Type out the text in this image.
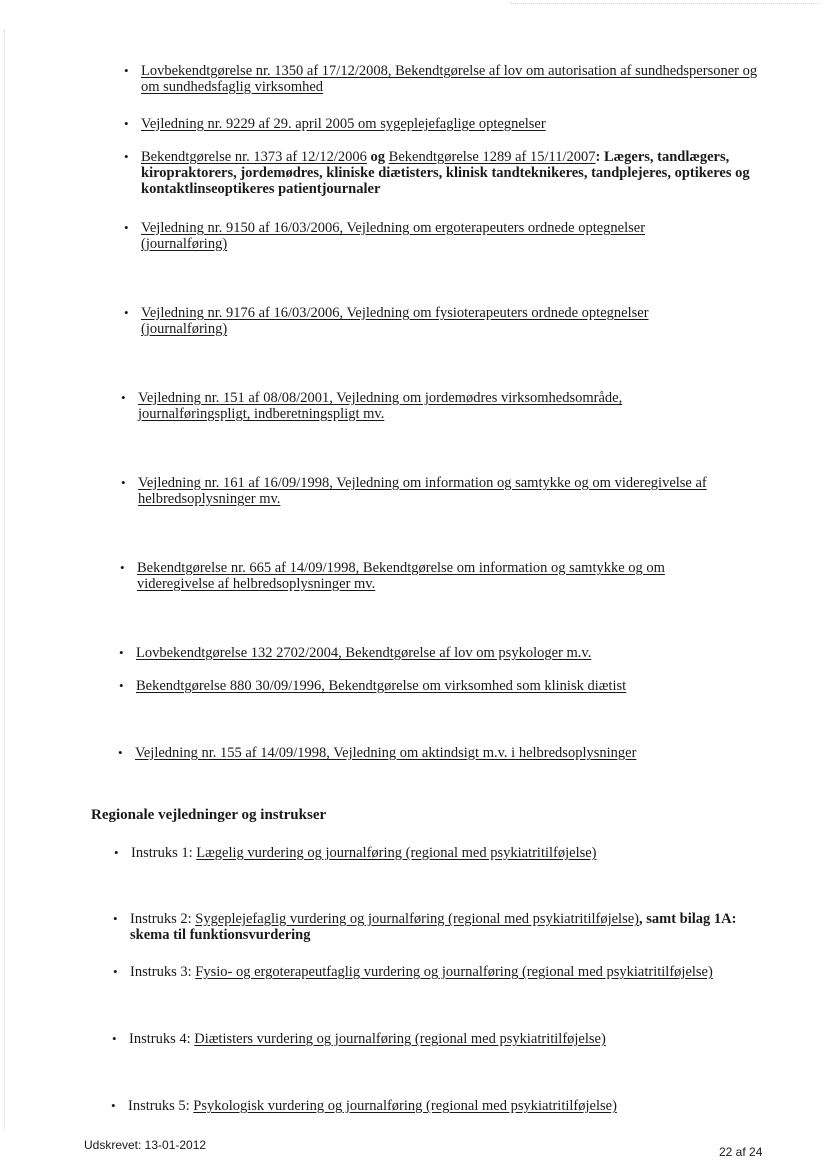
• Lovbekendtgørelse nr. 1350 af 17/12/2008, Bekendtgørelse af lov om autorisation af sundhedspersoner og om sundhedsfaglig virksomhed
• Vejledning nr. 9229 af 29. april 2005 om sygeplejefaglige optegnelser
• Bekendtgørelse nr. 1373 af 12/12/2006 og Bekendtgørelse 1289 af 15/11/2007: Lægers, tandlægers, kiropraktorers, jordemødres, kliniske diætisters, klinisk tandteknikeres, tandplejeres, optikeres og kontaktlinseoptikeres patientjournaler
• Vejledning nr. 9150 af 16/03/2006, Vejledning om ergoterapeuters ordnede optegnelser (journalføring)
• Vejledning nr. 9176 af 16/03/2006, Vejledning om fysioterapeuters ordnede optegnelser (journalføring)
• Vejledning nr. 151 af 08/08/2001, Vejledning om jordemødres virksomhedsområde, journalføringspligt, indberetningspligt mv.
• Vejledning nr. 161 af 16/09/1998, Vejledning om information og samtykke og om videregivelse af helbredsoplysninger mv.
• Bekendtgørelse nr. 665 af 14/09/1998, Bekendtgørelse om information og samtykke og om videregivelse af helbredsoplysninger mv.
• Lovbekendtgørelse 132 2702/2004, Bekendtgørelse af lov om psykologer m.v.
• Bekendtgørelse 880 30/09/1996, Bekendtgørelse om virksomhed som klinisk diætist
• Vejledning nr. 155 af 14/09/1998, Vejledning om aktindsigt m.v. i helbredsoplysninger
Regionale vejledninger og instrukser
• Instruks 1: Lægelig vurdering og journalføring (regional med psykiatritilføjelse)
• Instruks 2: Sygeplejefaglig vurdering og journalføring (regional med psykiatritilføjelse), samt bilag 1A: skema til funktionsvurdering
• Instruks 3: Fysio- og ergoterapeutfaglig vurdering og journalføring (regional med psykiatritilføjelse)
• Instruks 4: Diætisters vurdering og journalføring (regional med psykiatritilføjelse)
• Instruks 5: Psykologisk vurdering og journalføring (regional med psykiatritilføjelse)
Udskrevet: 13-01-2012	22 af 24
